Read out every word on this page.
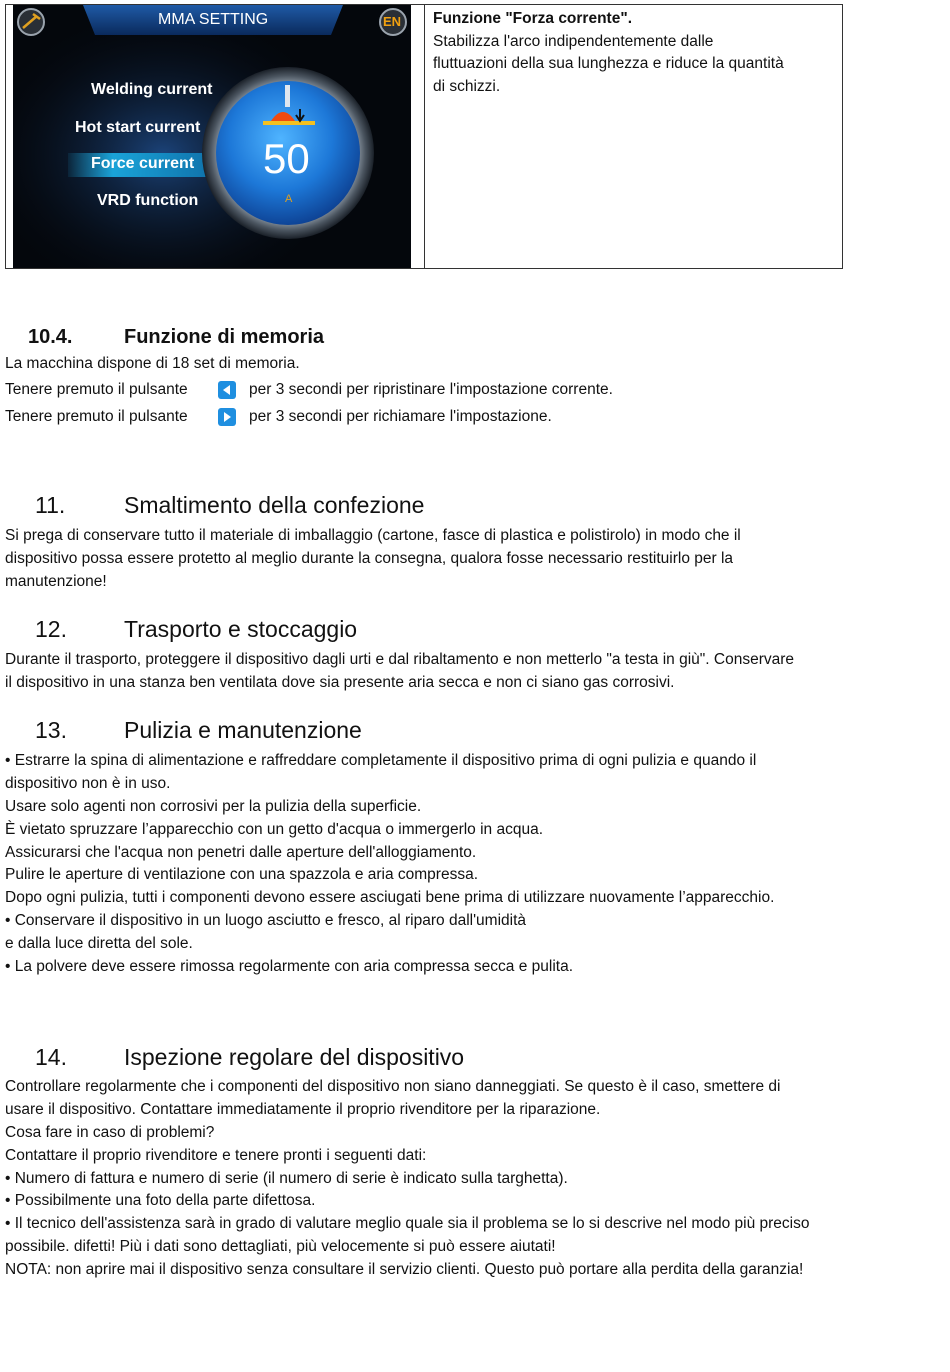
MMA SETTING	EN
Welding current
Hot start current
Force current
VRD function
50
A
Funzione "Forza corrente".
Stabilizza l'arco indipendentemente dalle
fluttuazioni della sua lunghezza e riduce la quantità
di schizzi.
10.4.	Funzione di memoria
La macchina dispone di 18 set di memoria.
Tenere premuto il pulsante	per 3 secondi per ripristinare l'impostazione corrente.
Tenere premuto il pulsante	per 3 secondi per richiamare l'impostazione.
11.	Smaltimento della confezione
Si prega di conservare tutto il materiale di imballaggio (cartone, fasce di plastica e polistirolo) in modo che il
dispositivo possa essere protetto al meglio durante la consegna, qualora fosse necessario restituirlo per la
manutenzione!
12. Trasporto e stoccaggio
Durante il trasporto, proteggere il dispositivo dagli urti e dal ribaltamento e non metterlo "a testa in giù". Conservare
il dispositivo in una stanza ben ventilata dove sia presente aria secca e non ci siano gas corrosivi.
13. Pulizia e manutenzione
• Estrarre la spina di alimentazione e raffreddare completamente il dispositivo prima di ogni pulizia e quando il
dispositivo non è in uso.
Usare solo agenti non corrosivi per la pulizia della superficie.
È vietato spruzzare l’apparecchio con un getto d'acqua o immergerlo in acqua.
Assicurarsi che l'acqua non penetri dalle aperture dell'alloggiamento.
Pulire le aperture di ventilazione con una spazzola e aria compressa.
Dopo ogni pulizia, tutti i componenti devono essere asciugati bene prima di utilizzare nuovamente l’apparecchio.
• Conservare il dispositivo in un luogo asciutto e fresco, al riparo dall'umidità
e dalla luce diretta del sole.
• La polvere deve essere rimossa regolarmente con aria compressa secca e pulita.
14. Ispezione regolare del dispositivo
Controllare regolarmente che i componenti del dispositivo non siano danneggiati. Se questo è il caso, smettere di
usare il dispositivo. Contattare immediatamente il proprio rivenditore per la riparazione.
Cosa fare in caso di problemi?
Contattare il proprio rivenditore e tenere pronti i seguenti dati:
• Numero di fattura e numero di serie (il numero di serie è indicato sulla targhetta).
• Possibilmente una foto della parte difettosa.
• Il tecnico dell'assistenza sarà in grado di valutare meglio quale sia il problema se lo si descrive nel modo più preciso
possibile. difetti! Più i dati sono dettagliati, più velocemente si può essere aiutati!
NOTA: non aprire mai il dispositivo senza consultare il servizio clienti. Questo può portare alla perdita della garanzia!
